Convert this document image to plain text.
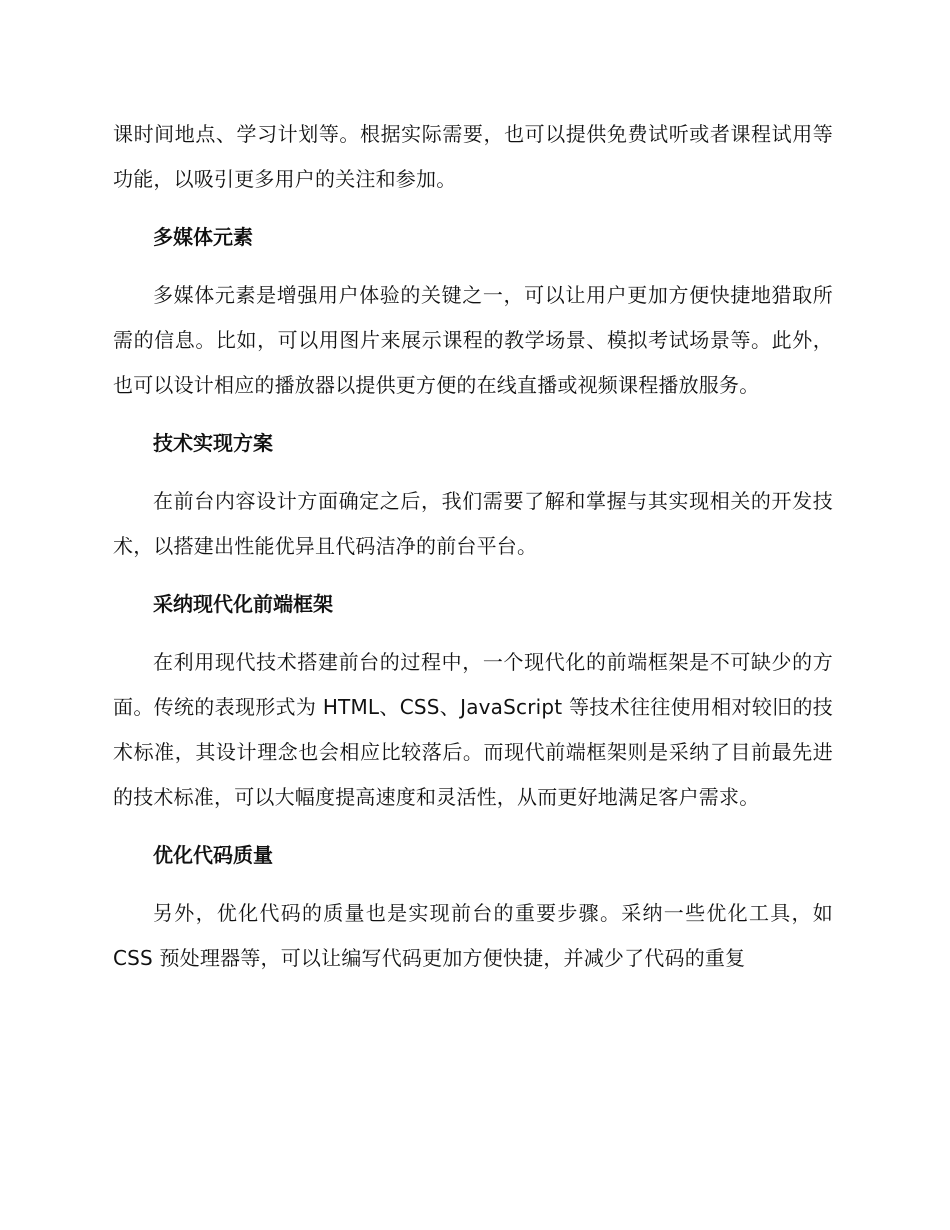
课时间地点、学习计划等。根据实际需要，也可以提供免费试听或者课程试用等功能，以吸引更多用户的关注和参加。

多媒体元素

多媒体元素是增强用户体验的关键之一，可以让用户更加方便快捷地猎取所需的信息。比如，可以用图片来展示课程的教学场景、模拟考试场景等。此外，也可以设计相应的播放器以提供更方便的在线直播或视频课程播放服务。

技术实现方案

在前台内容设计方面确定之后，我们需要了解和掌握与其实现相关的开发技术，以搭建出性能优异且代码洁净的前台平台。

采纳现代化前端框架

在利用现代技术搭建前台的过程中，一个现代化的前端框架是不可缺少的方面。传统的表现形式为 HTML、CSS、JavaScript 等技术往往使用相对较旧的技术标准，其设计理念也会相应比较落后。而现代前端框架则是采纳了目前最先进的技术标准，可以大幅度提高速度和灵活性，从而更好地满足客户需求。

优化代码质量

另外，优化代码的质量也是实现前台的重要步骤。采纳一些优化工具，如 CSS 预处理器等，可以让编写代码更加方便快捷，并减少了代码的重复
